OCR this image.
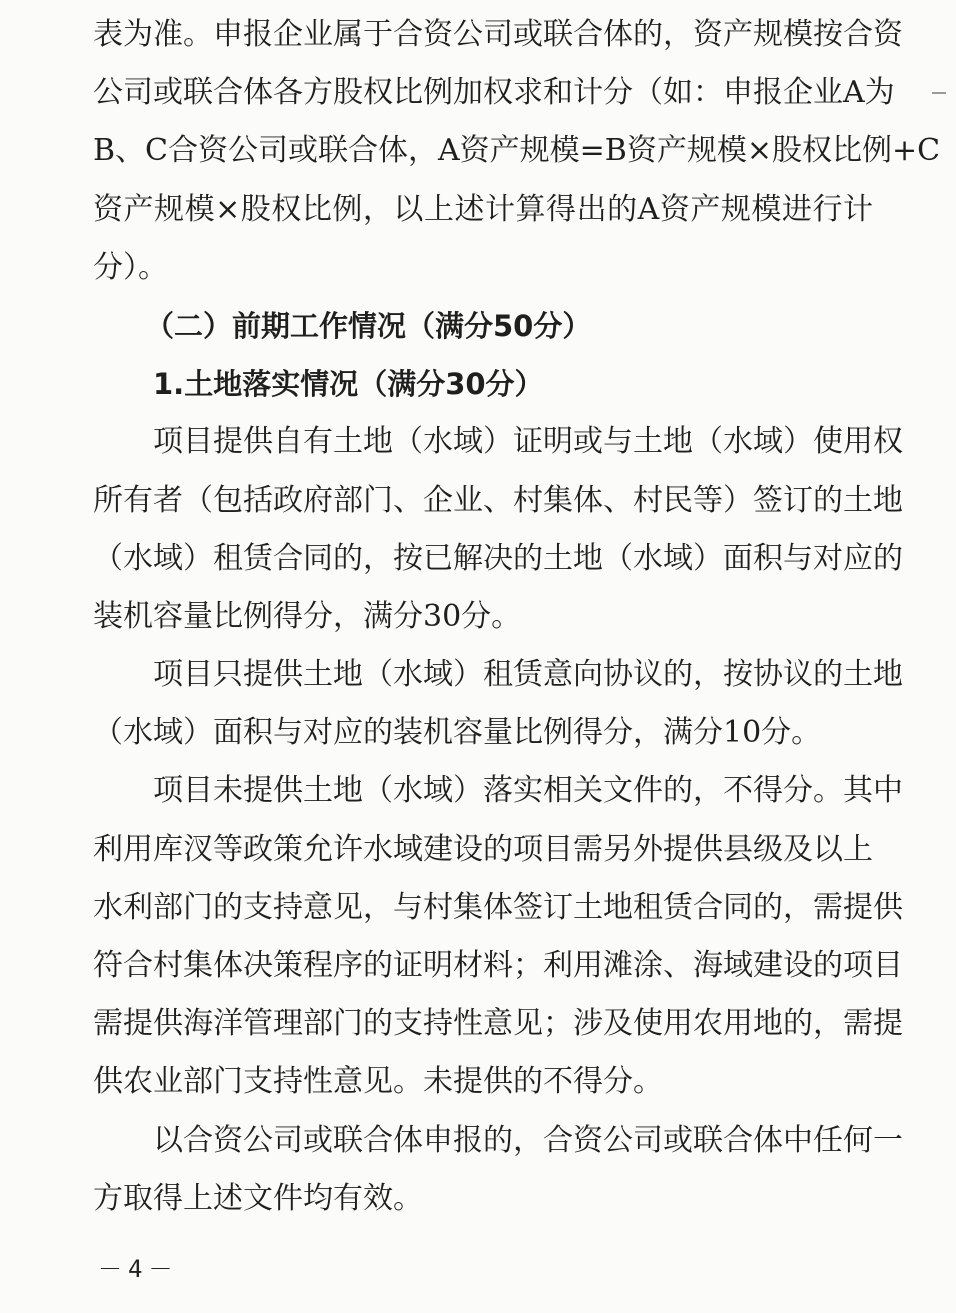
表为准。申报企业属于合资公司或联合体的，资产规模按合资
公司或联合体各方股权比例加权求和计分（如：申报企业A为
B、C合资公司或联合体，A资产规模=B资产规模×股权比例+C
资产规模×股权比例，以上述计算得出的A资产规模进行计
分）。
（二）前期工作情况（满分50分）
1.土地落实情况（满分30分）
项目提供自有土地（水域）证明或与土地（水域）使用权
所有者（包括政府部门、企业、村集体、村民等）签订的土地
（水域）租赁合同的，按已解决的土地（水域）面积与对应的
装机容量比例得分，满分30分。
项目只提供土地（水域）租赁意向协议的，按协议的土地
（水域）面积与对应的装机容量比例得分，满分10分。
项目未提供土地（水域）落实相关文件的，不得分。其中
利用库汊等政策允许水域建设的项目需另外提供县级及以上
水利部门的支持意见，与村集体签订土地租赁合同的，需提供
符合村集体决策程序的证明材料；利用滩涂、海域建设的项目
需提供海洋管理部门的支持性意见；涉及使用农用地的，需提
供农业部门支持性意见。未提供的不得分。
以合资公司或联合体申报的，合资公司或联合体中任何一
方取得上述文件均有效。
－4－
